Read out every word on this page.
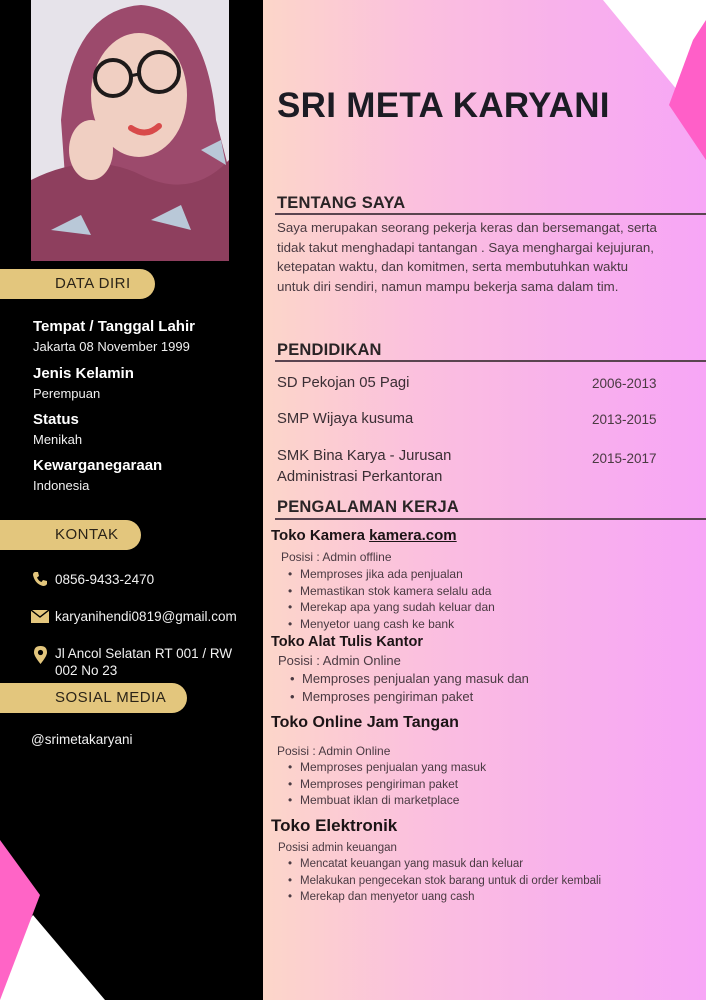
DATA DIRI
Tempat / Tanggal Lahir
Jakarta 08 November 1999
Jenis Kelamin
Perempuan
Status
Menikah
Kewarganegaraan
Indonesia
KONTAK
0856-9433-2470
karyanihendi0819@gmail.com
Jl Ancol Selatan RT 001 / RW
002 No 23
SOSIAL MEDIA
@srimetakaryani
SRI META KARYANI
TENTANG SAYA
Saya merupakan seorang pekerja keras dan bersemangat, serta
tidak takut menghadapi tantangan . Saya menghargai kejujuran,
ketepatan waktu, dan komitmen, serta membutuhkan waktu
untuk diri sendiri, namun mampu bekerja sama dalam tim.
PENDIDIKAN
SD Pekojan 05 Pagi	2006-2013
SMP Wijaya kusuma	2013-2015
SMK Bina Karya - Jurusan
Administrasi Perkantoran
2015-2017
PENGALAMAN KERJA
Toko Kamera kamera.com
Posisi : Admin offline
• Memproses jika ada penjualan
• Memastikan stok kamera selalu ada
• Merekap apa yang sudah keluar dan
• Menyetor uang cash ke bank
Toko Alat Tulis Kantor
Posisi : Admin Online
• Memproses penjualan yang masuk dan
• Memproses pengiriman paket
Toko Online Jam Tangan
Posisi : Admin Online
• Memproses penjualan yang masuk
• Memproses pengiriman paket
• Membuat iklan di marketplace
Toko Elektronik
Posisi admin keuangan
• Mencatat keuangan yang masuk dan keluar
• Melakukan pengecekan stok barang untuk di order kembali
• Merekap dan menyetor uang cash
